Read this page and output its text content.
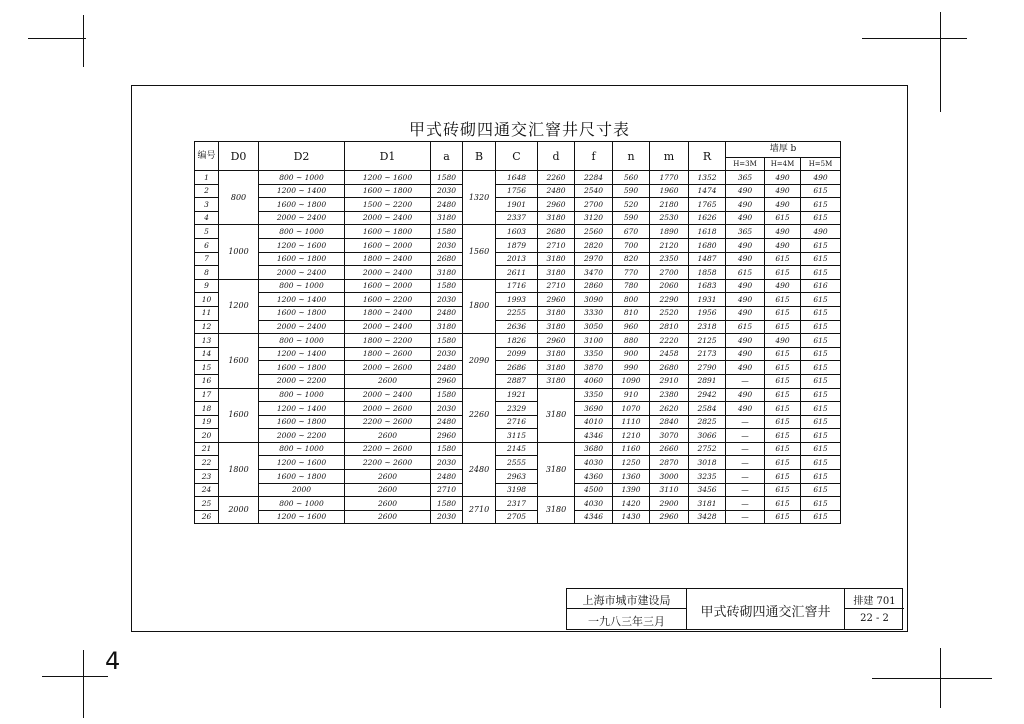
甲式砖砌四通交汇窨井尺寸表
编号	D0	D2	D1	a	B	C	d	f	n	m	R	墙厚 b		
												H=3M	H=4M	H=5M
1	800	800 ~ 1000	1200 ~ 1600	1580	1320	1648	2260	2284	560	1770	1352	365	490	490
2		1200 ~ 1400	1600 ~ 1800	2030		1756	2480	2540	590	1960	1474	490	490	615
3		1600 ~ 1800	1500 ~ 2200	2480		1901	2960	2700	520	2180	1765	490	490	615
4		2000 ~ 2400	2000 ~ 2400	3180		2337	3180	3120	590	2530	1626	490	615	615
5	1000	800 ~ 1000	1600 ~ 1800	1580	1560	1603	2680	2560	670	1890	1618	365	490	490
6		1200 ~ 1600	1600 ~ 2000	2030		1879	2710	2820	700	2120	1680	490	490	615
7		1600 ~ 1800	1800 ~ 2400	2680		2013	3180	2970	820	2350	1487	490	615	615
8		2000 ~ 2400	2000 ~ 2400	3180		2611	3180	3470	770	2700	1858	615	615	615
9	1200	800 ~ 1000	1600 ~ 2000	1580	1800	1716	2710	2860	780	2060	1683	490	490	616
10		1200 ~ 1400	1600 ~ 2200	2030		1993	2960	3090	800	2290	1931	490	615	615
11		1600 ~ 1800	1800 ~ 2400	2480		2255	3180	3330	810	2520	1956	490	615	615
12		2000 ~ 2400	2000 ~ 2400	3180		2636	3180	3050	960	2810	2318	615	615	615
13	1600	800 ~ 1000	1800 ~ 2200	1580	2090	1826	2960	3100	880	2220	2125	490	490	615
14		1200 ~ 1400	1800 ~ 2600	2030		2099	3180	3350	900	2458	2173	490	615	615
15		1600 ~ 1800	2000 ~ 2600	2480		2686	3180	3870	990	2680	2790	490	615	615
16		2000 ~ 2200	2600	2960		2887	3180	4060	1090	2910	2891	—	615	615
17	1600	800 ~ 1000	2000 ~ 2400	1580	2260	1921	3180	3350	910	2380	2942	490	615	615
18		1200 ~ 1400	2000 ~ 2600	2030		2329		3690	1070	2620	2584	490	615	615
19		1600 ~ 1800	2200 ~ 2600	2480		2716		4010	1110	2840	2825	—	615	615
20		2000 ~ 2200	2600	2960		3115		4346	1210	3070	3066	—	615	615
21	1800	800 ~ 1000	2200 ~ 2600	1580	2480	2145	3180	3680	1160	2660	2752	—	615	615
22		1200 ~ 1600	2200 ~ 2600	2030		2555		4030	1250	2870	3018	—	615	615
23		1600 ~ 1800	2600	2480		2963		4360	1360	3000	3235	—	615	615
24		2000	2600	2710		3198		4500	1390	3110	3456	—	615	615
25	2000	800 ~ 1000	2600	1580	2710	2317	3180	4030	1420	2900	3181	—	615	615
26		1200 ~ 1600	2600	2030		2705		4346	1430	2960	3428	—	615	615
上海市城市建设局
一九八三年三月
甲式砖砌四通交汇窨井
排建 701
22 - 2
4
